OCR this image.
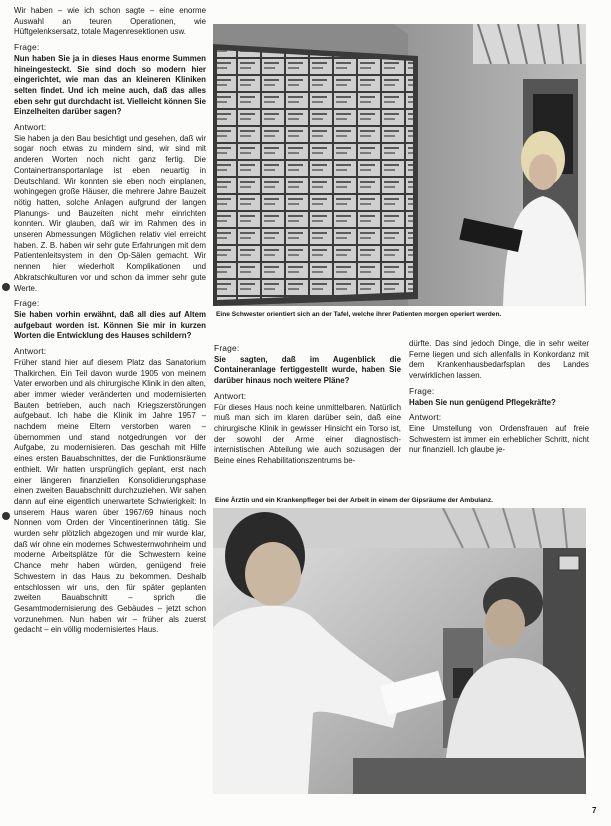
Wir haben – wie ich schon sagte – eine enorme Auswahl an teuren Operationen, wie Hüftgelenksersatz, totale Magenresektionen usw.

Frage:

Nun haben Sie ja in dieses Haus enorme Summen hineingesteckt. Sie sind doch so modern hier eingerichtet, wie man das an kleineren Kliniken selten findet. Und ich meine auch, daß das alles eben sehr gut durchdacht ist. Vielleicht können Sie Einzelheiten darüber sagen?

Antwort:

Sie haben ja den Bau besichtigt und gesehen, daß wir sogar noch etwas zu mindern sind, wir sind mit anderen Worten noch nicht ganz fertig. Die Containertransportanlage ist eben neuartig in Deutschland. Wir konnten sie eben noch einplanen, wohingegen große Häuser, die mehrere Jahre Bauzeit nötig hatten, solche Anlagen aufgrund der langen Planungs- und Bauzeiten nicht mehr einrichten konnten. Wir glauben, daß wir im Rahmen des in unseren Abmessungen Möglichen relativ viel erreicht haben. Z. B. haben wir sehr gute Erfahrungen mit dem Patientenleitsystem in den Op-Sälen gemacht. Wir nennen hier wiederholt Komplikationen und Abkratschkulturen vor und schon da immer sehr gute Werte.

Frage:

Sie haben vorhin erwähnt, daß all dies auf Altem aufgebaut worden ist. Können Sie mir in kurzen Worten die Entwicklung des Hauses schildern?

Antwort:

Früher stand hier auf diesem Platz das Sanatorium Thalkirchen. Ein Teil davon wurde 1905 von meinem Vater erworben und als chirurgische Klinik in den alten, aber immer wieder veränderten und modernisierten Bauten betrieben, auch nach Kriegszerstörungen aufgebaut. Ich habe die Klinik im Jahre 1957 – nachdem meine Eltern verstorben waren – übernommen und stand notgedrungen vor der Aufgabe, zu modernisieren. Das geschah mit Hilfe eines ersten Bauabschnittes, der die Funktionsräume enthielt. Wir hatten ursprünglich geplant, erst nach einer längeren finanziellen Konsolidierungsphase einen zweiten Bauabschnitt durchzuziehen. Wir sahen dann auf eine eigentlich unerwartete Schwierigkeit: In unserem Haus waren über 1967/69 hinaus noch Nonnen vom Orden der Vincentinerinnen tätig. Sie wurden sehr plötzlich abgezogen und mir wurde klar, daß wir ohne ein modernes Schwesternwohnheim und moderne Arbeitsplätze für die Schwestern keine Chance mehr haben würden, genügend freie Schwestern in das Haus zu bekommen. Deshalb entschlossen wir uns, den für später geplanten zweiten Bauabschnitt – sprich die Gesamtmodernisierung des Gebäudes – jetzt schon vorzunehmen. Nun haben wir – früher als zuerst gedacht – ein völlig modernisiertes Haus.

Eine Schwester orientiert sich an der Tafel, welche ihrer Patienten morgen operiert werden.
Frage:

Sie sagten, daß im Augenblick die Containeranlage fertiggestellt wurde, haben Sie darüber hinaus noch weitere Pläne?

Antwort:

Für dieses Haus noch keine unmittelbaren. Natürlich muß man sich im klaren darüber sein, daß eine chirurgische Klinik in gewisser Hinsicht ein Torso ist, der sowohl der Arme einer diagnostisch-internistischen Abteilung wie auch sozusagen der Beine eines Rehabilitationszentrums be-

dürfte. Das sind jedoch Dinge, die in sehr weiter Ferne liegen und sich allenfalls in Konkordanz mit dem Krankenhausbedarfsplan des Landes verwirklichen lassen.

Frage:

Haben Sie nun genügend Pflegekräfte?

Antwort:

Eine Umstellung von Ordensfrauen auf freie Schwestern ist immer ein erheblicher Schritt, nicht nur finanziell. Ich glaube je-

Eine Ärztin und ein Krankenpfleger bei der Arbeit in einem der Gipsräume der Ambulanz.
7
